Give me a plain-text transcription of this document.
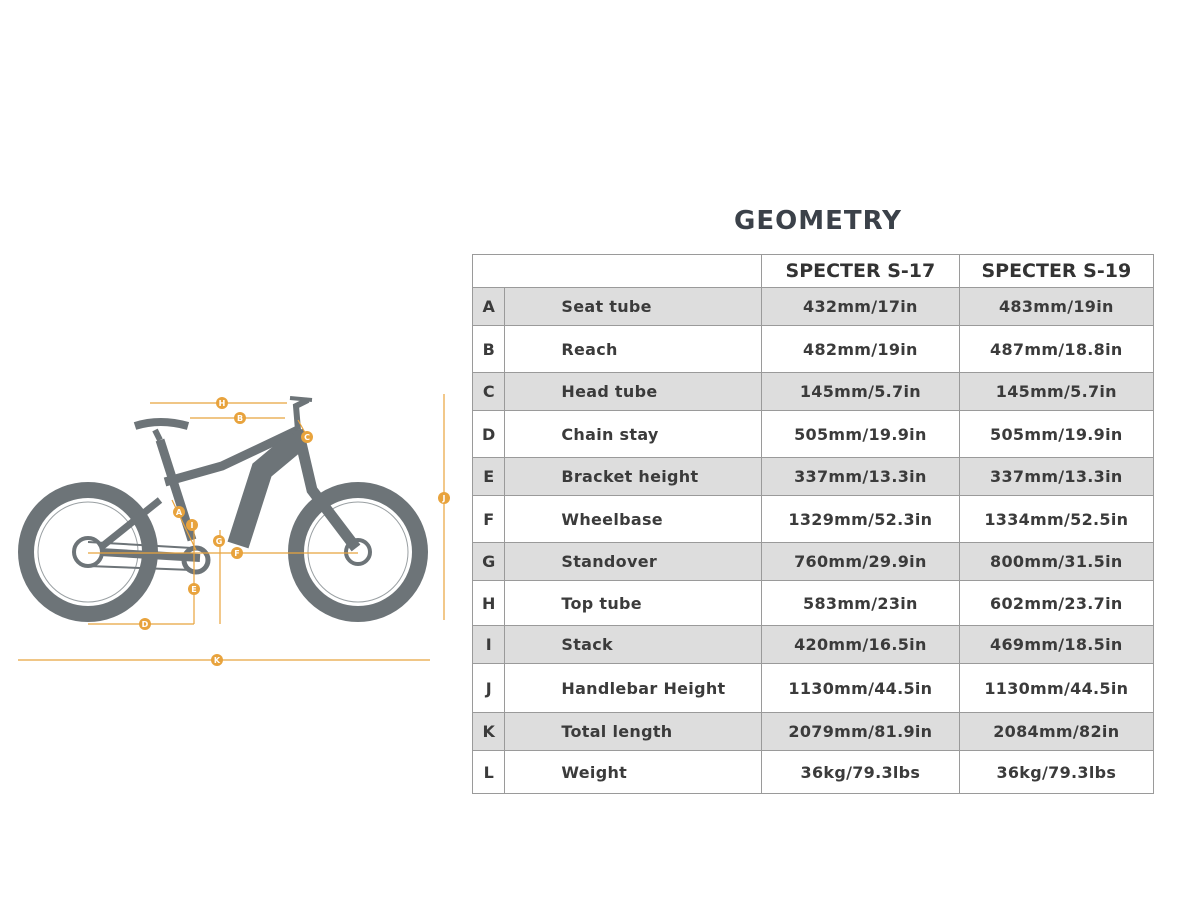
H
B
C
J
A
I
G
F
E
D
K
GEOMETRY
		SPECTER S-17	SPECTER S-19
A	Seat tube	432mm/17in	483mm/19in
B	Reach	482mm/19in	487mm/18.8in
C	Head tube	145mm/5.7in	145mm/5.7in
D	Chain stay	505mm/19.9in	505mm/19.9in
E	Bracket height	337mm/13.3in	337mm/13.3in
F	Wheelbase	1329mm/52.3in	1334mm/52.5in
G	Standover	760mm/29.9in	800mm/31.5in
H	Top tube	583mm/23in	602mm/23.7in
I	Stack	420mm/16.5in	469mm/18.5in
J	Handlebar Height	1130mm/44.5in	1130mm/44.5in
K	Total length	2079mm/81.9in	2084mm/82in
L	Weight	36kg/79.3lbs	36kg/79.3lbs
